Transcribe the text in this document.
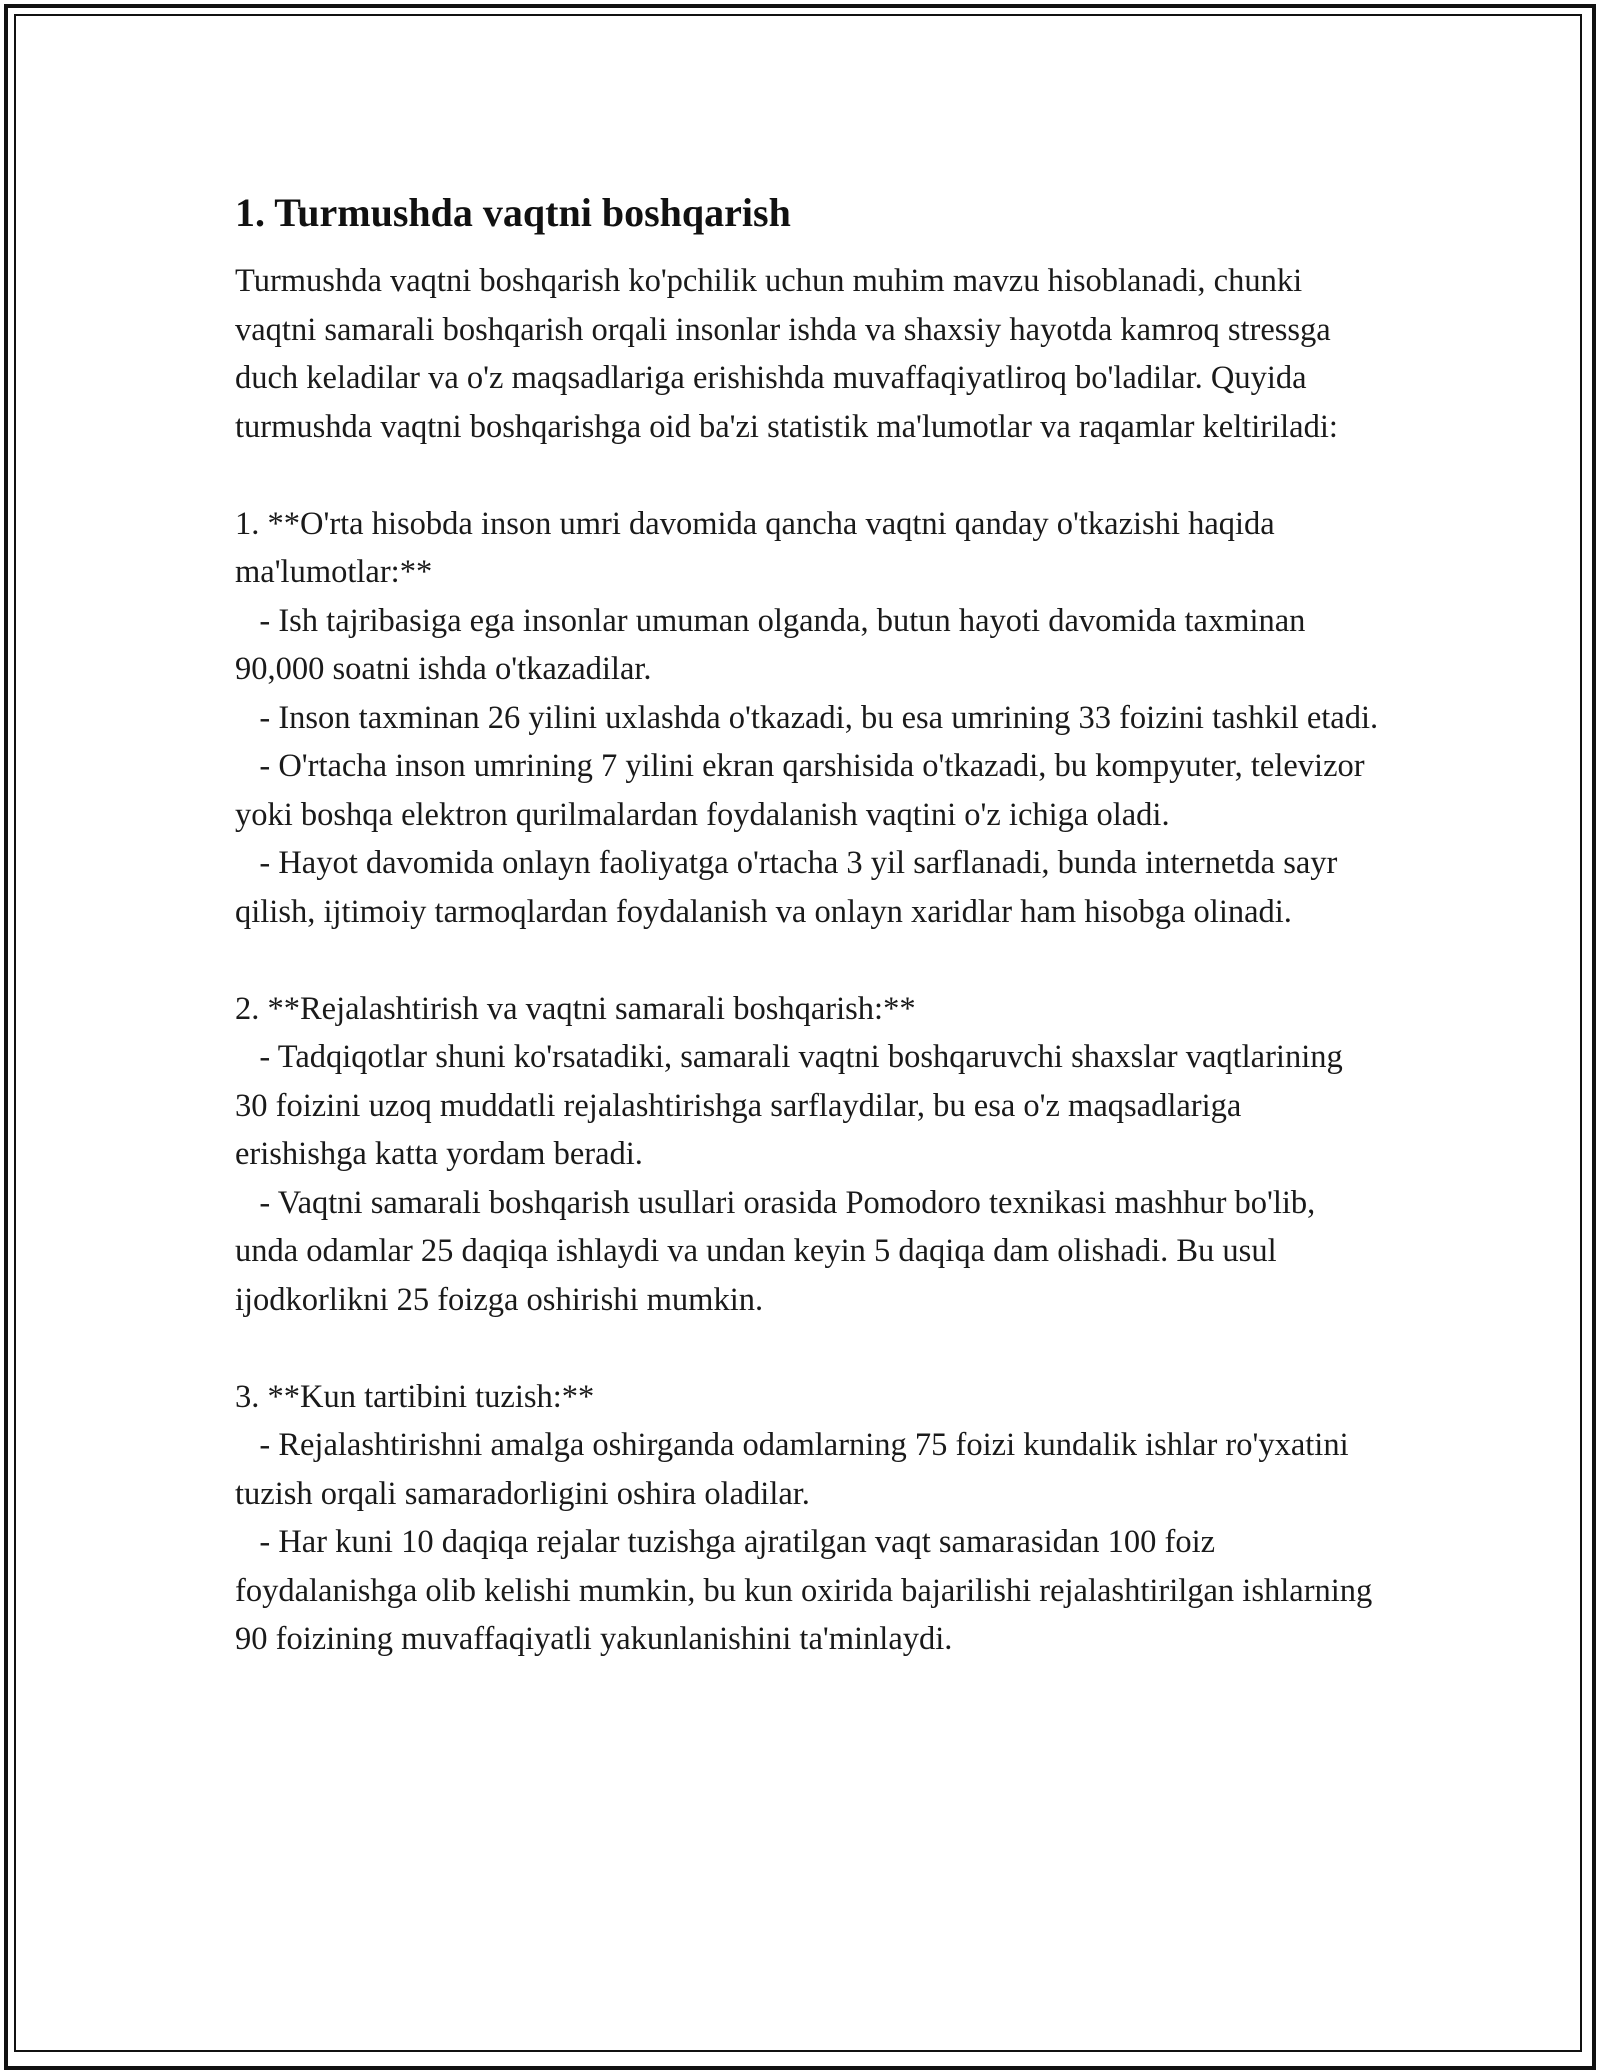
1. Turmushda vaqtni boshqarish

Turmushda vaqtni boshqarish ko'pchilik uchun muhim mavzu hisoblanadi, chunki vaqtni samarali boshqarish orqali insonlar ishda va shaxsiy hayotda kamroq stressga duch keladilar va o'z maqsadlariga erishishda muvaffaqiyatliroq bo'ladilar. Quyida turmushda vaqtni boshqarishga oid ba'zi statistik ma'lumotlar va raqamlar keltiriladi:

1. **O'rta hisobda inson umri davomida qancha vaqtni qanday o'tkazishi haqida ma'lumotlar:**

- Ish tajribasiga ega insonlar umuman olganda, butun hayoti davomida taxminan 90,000 soatni ishda o'tkazadilar.

- Inson taxminan 26 yilini uxlashda o'tkazadi, bu esa umrining 33 foizini tashkil etadi.

- O'rtacha inson umrining 7 yilini ekran qarshisida o'tkazadi, bu kompyuter, televizor yoki boshqa elektron qurilmalardan foydalanish vaqtini o'z ichiga oladi.

- Hayot davomida onlayn faoliyatga o'rtacha 3 yil sarflanadi, bunda internetda sayr qilish, ijtimoiy tarmoqlardan foydalanish va onlayn xaridlar ham hisobga olinadi.

2. **Rejalashtirish va vaqtni samarali boshqarish:**

- Tadqiqotlar shuni ko'rsatadiki, samarali vaqtni boshqaruvchi shaxslar vaqtlarining 30 foizini uzoq muddatli rejalashtirishga sarflaydilar, bu esa o'z maqsadlariga erishishga katta yordam beradi.

- Vaqtni samarali boshqarish usullari orasida Pomodoro texnikasi mashhur bo'lib, unda odamlar 25 daqiqa ishlaydi va undan keyin 5 daqiqa dam olishadi. Bu usul ijodkorlikni 25 foizga oshirishi mumkin.

3. **Kun tartibini tuzish:**

- Rejalashtirishni amalga oshirganda odamlarning 75 foizi kundalik ishlar ro'yxatini tuzish orqali samaradorligini oshira oladilar.

- Har kuni 10 daqiqa rejalar tuzishga ajratilgan vaqt samarasidan 100 foiz foydalanishga olib kelishi mumkin, bu kun oxirida bajarilishi rejalashtirilgan ishlarning 90 foizining muvaffaqiyatli yakunlanishini ta'minlaydi.
